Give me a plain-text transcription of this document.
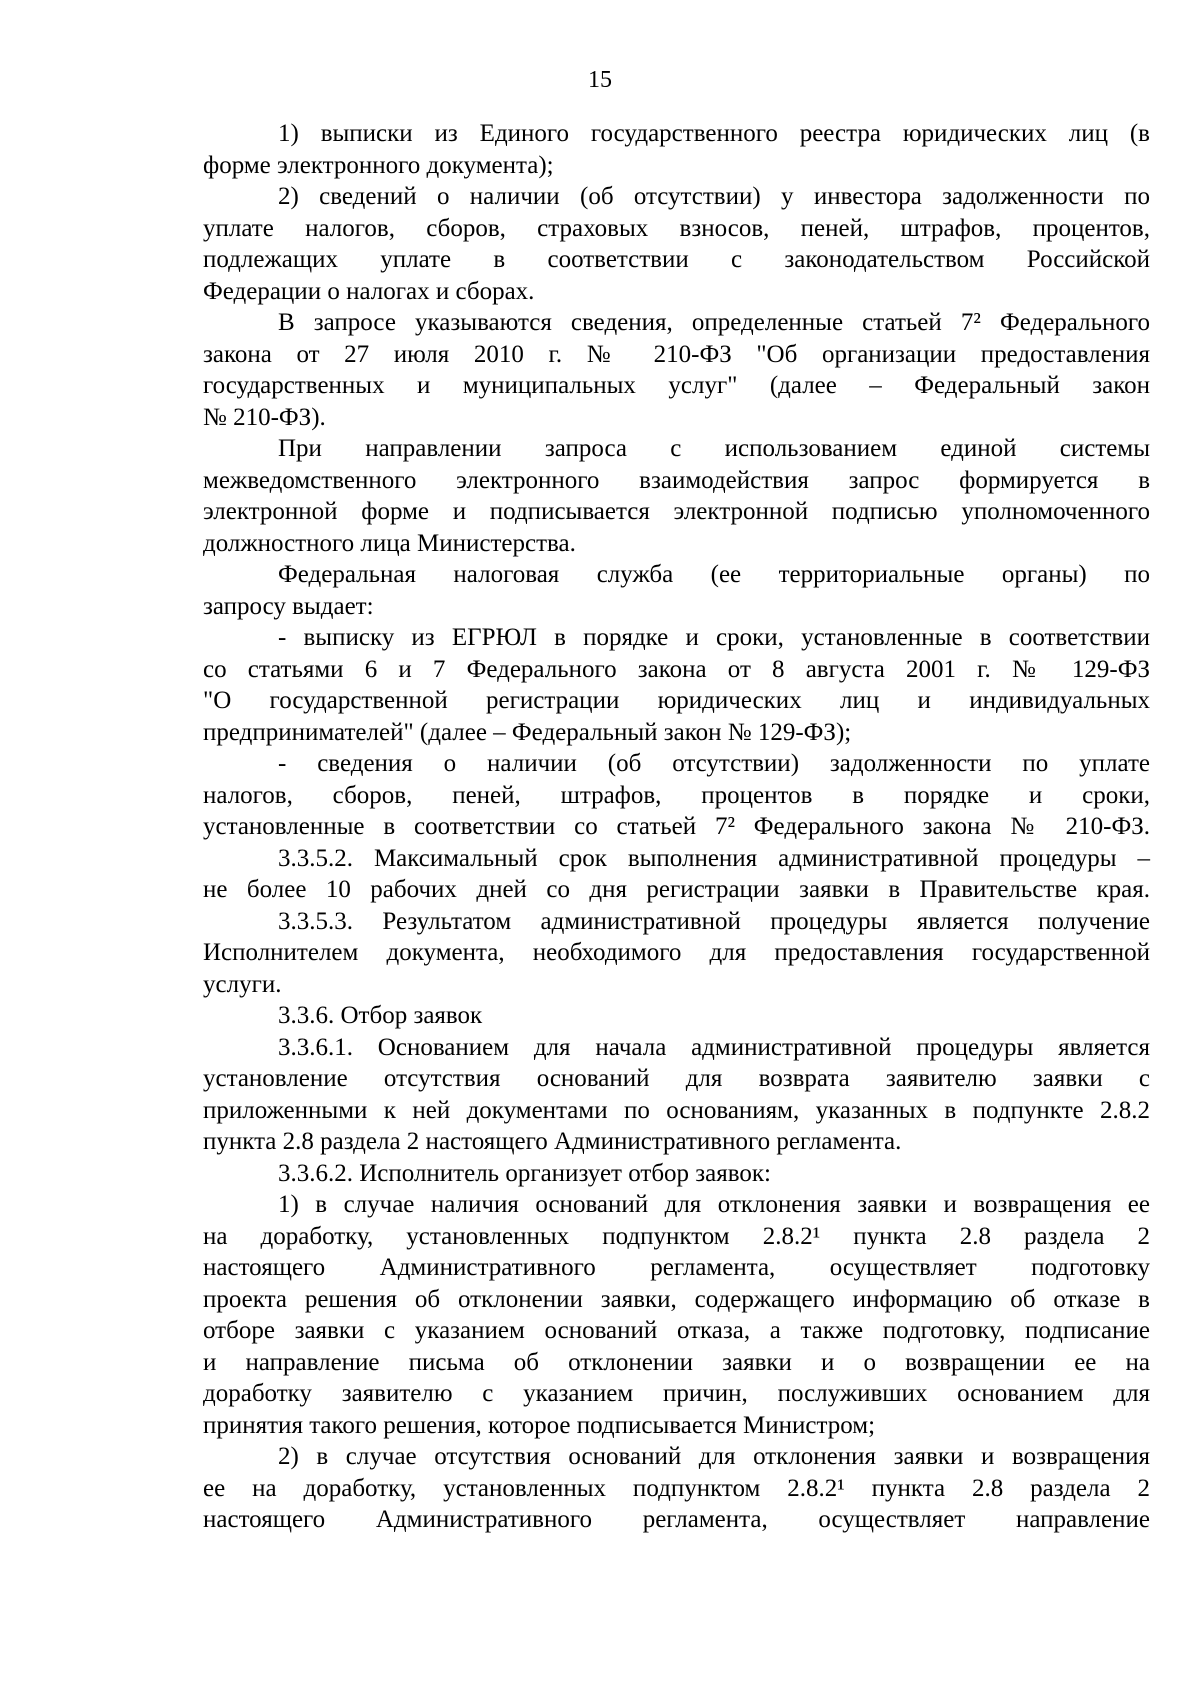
15
1) выписки из Единого государственного реестра юридических лиц (в
форме электронного документа);
2) сведений о наличии (об отсутствии) у инвестора задолженности по
уплате налогов, сборов, страховых взносов, пеней, штрафов, процентов,
подлежащих уплате в соответствии с законодательством Российской
Федерации о налогах и сборах.
В запросе указываются сведения, определенные статьей 7² Федерального
закона от 27 июля 2010 г. № 210-ФЗ "Об организации предоставления
государственных и муниципальных услуг" (далее – Федеральный закон
№ 210-ФЗ).
При направлении запроса с использованием единой системы
межведомственного электронного взаимодействия запрос формируется в
электронной форме и подписывается электронной подписью уполномоченного
должностного лица Министерства.
Федеральная налоговая служба (ее территориальные органы) по
запросу выдает:
- выписку из ЕГРЮЛ в порядке и сроки, установленные в соответствии
со статьями 6 и 7 Федерального закона от 8 августа 2001 г. № 129-ФЗ
"О государственной регистрации юридических лиц и индивидуальных
предпринимателей" (далее – Федеральный закон № 129-ФЗ);
- сведения о наличии (об отсутствии) задолженности по уплате
налогов, сборов, пеней, штрафов, процентов в порядке и сроки,
установленные в соответствии со статьей 7² Федерального закона № 210-ФЗ.
3.3.5.2. Максимальный срок выполнения административной процедуры –
не более 10 рабочих дней со дня регистрации заявки в Правительстве края.
3.3.5.3. Результатом административной процедуры является получение
Исполнителем документа, необходимого для предоставления государственной
услуги.
3.3.6. Отбор заявок
3.3.6.1. Основанием для начала административной процедуры является
установление отсутствия оснований для возврата заявителю заявки с
приложенными к ней документами по основаниям, указанных в подпункте 2.8.2
пункта 2.8 раздела 2 настоящего Административного регламента.
3.3.6.2. Исполнитель организует отбор заявок:
1) в случае наличия оснований для отклонения заявки и возвращения ее
на доработку, установленных подпунктом 2.8.2¹ пункта 2.8 раздела 2
настоящего Административного регламента, осуществляет подготовку
проекта решения об отклонении заявки, содержащего информацию об отказе в
отборе заявки с указанием оснований отказа, а также подготовку, подписание
и направление письма об отклонении заявки и о возвращении ее на
доработку заявителю с указанием причин, послуживших основанием для
принятия такого решения, которое подписывается Министром;
2) в случае отсутствия оснований для отклонения заявки и возвращения
ее на доработку, установленных подпунктом 2.8.2¹ пункта 2.8 раздела 2
настоящего Административного регламента, осуществляет направление
